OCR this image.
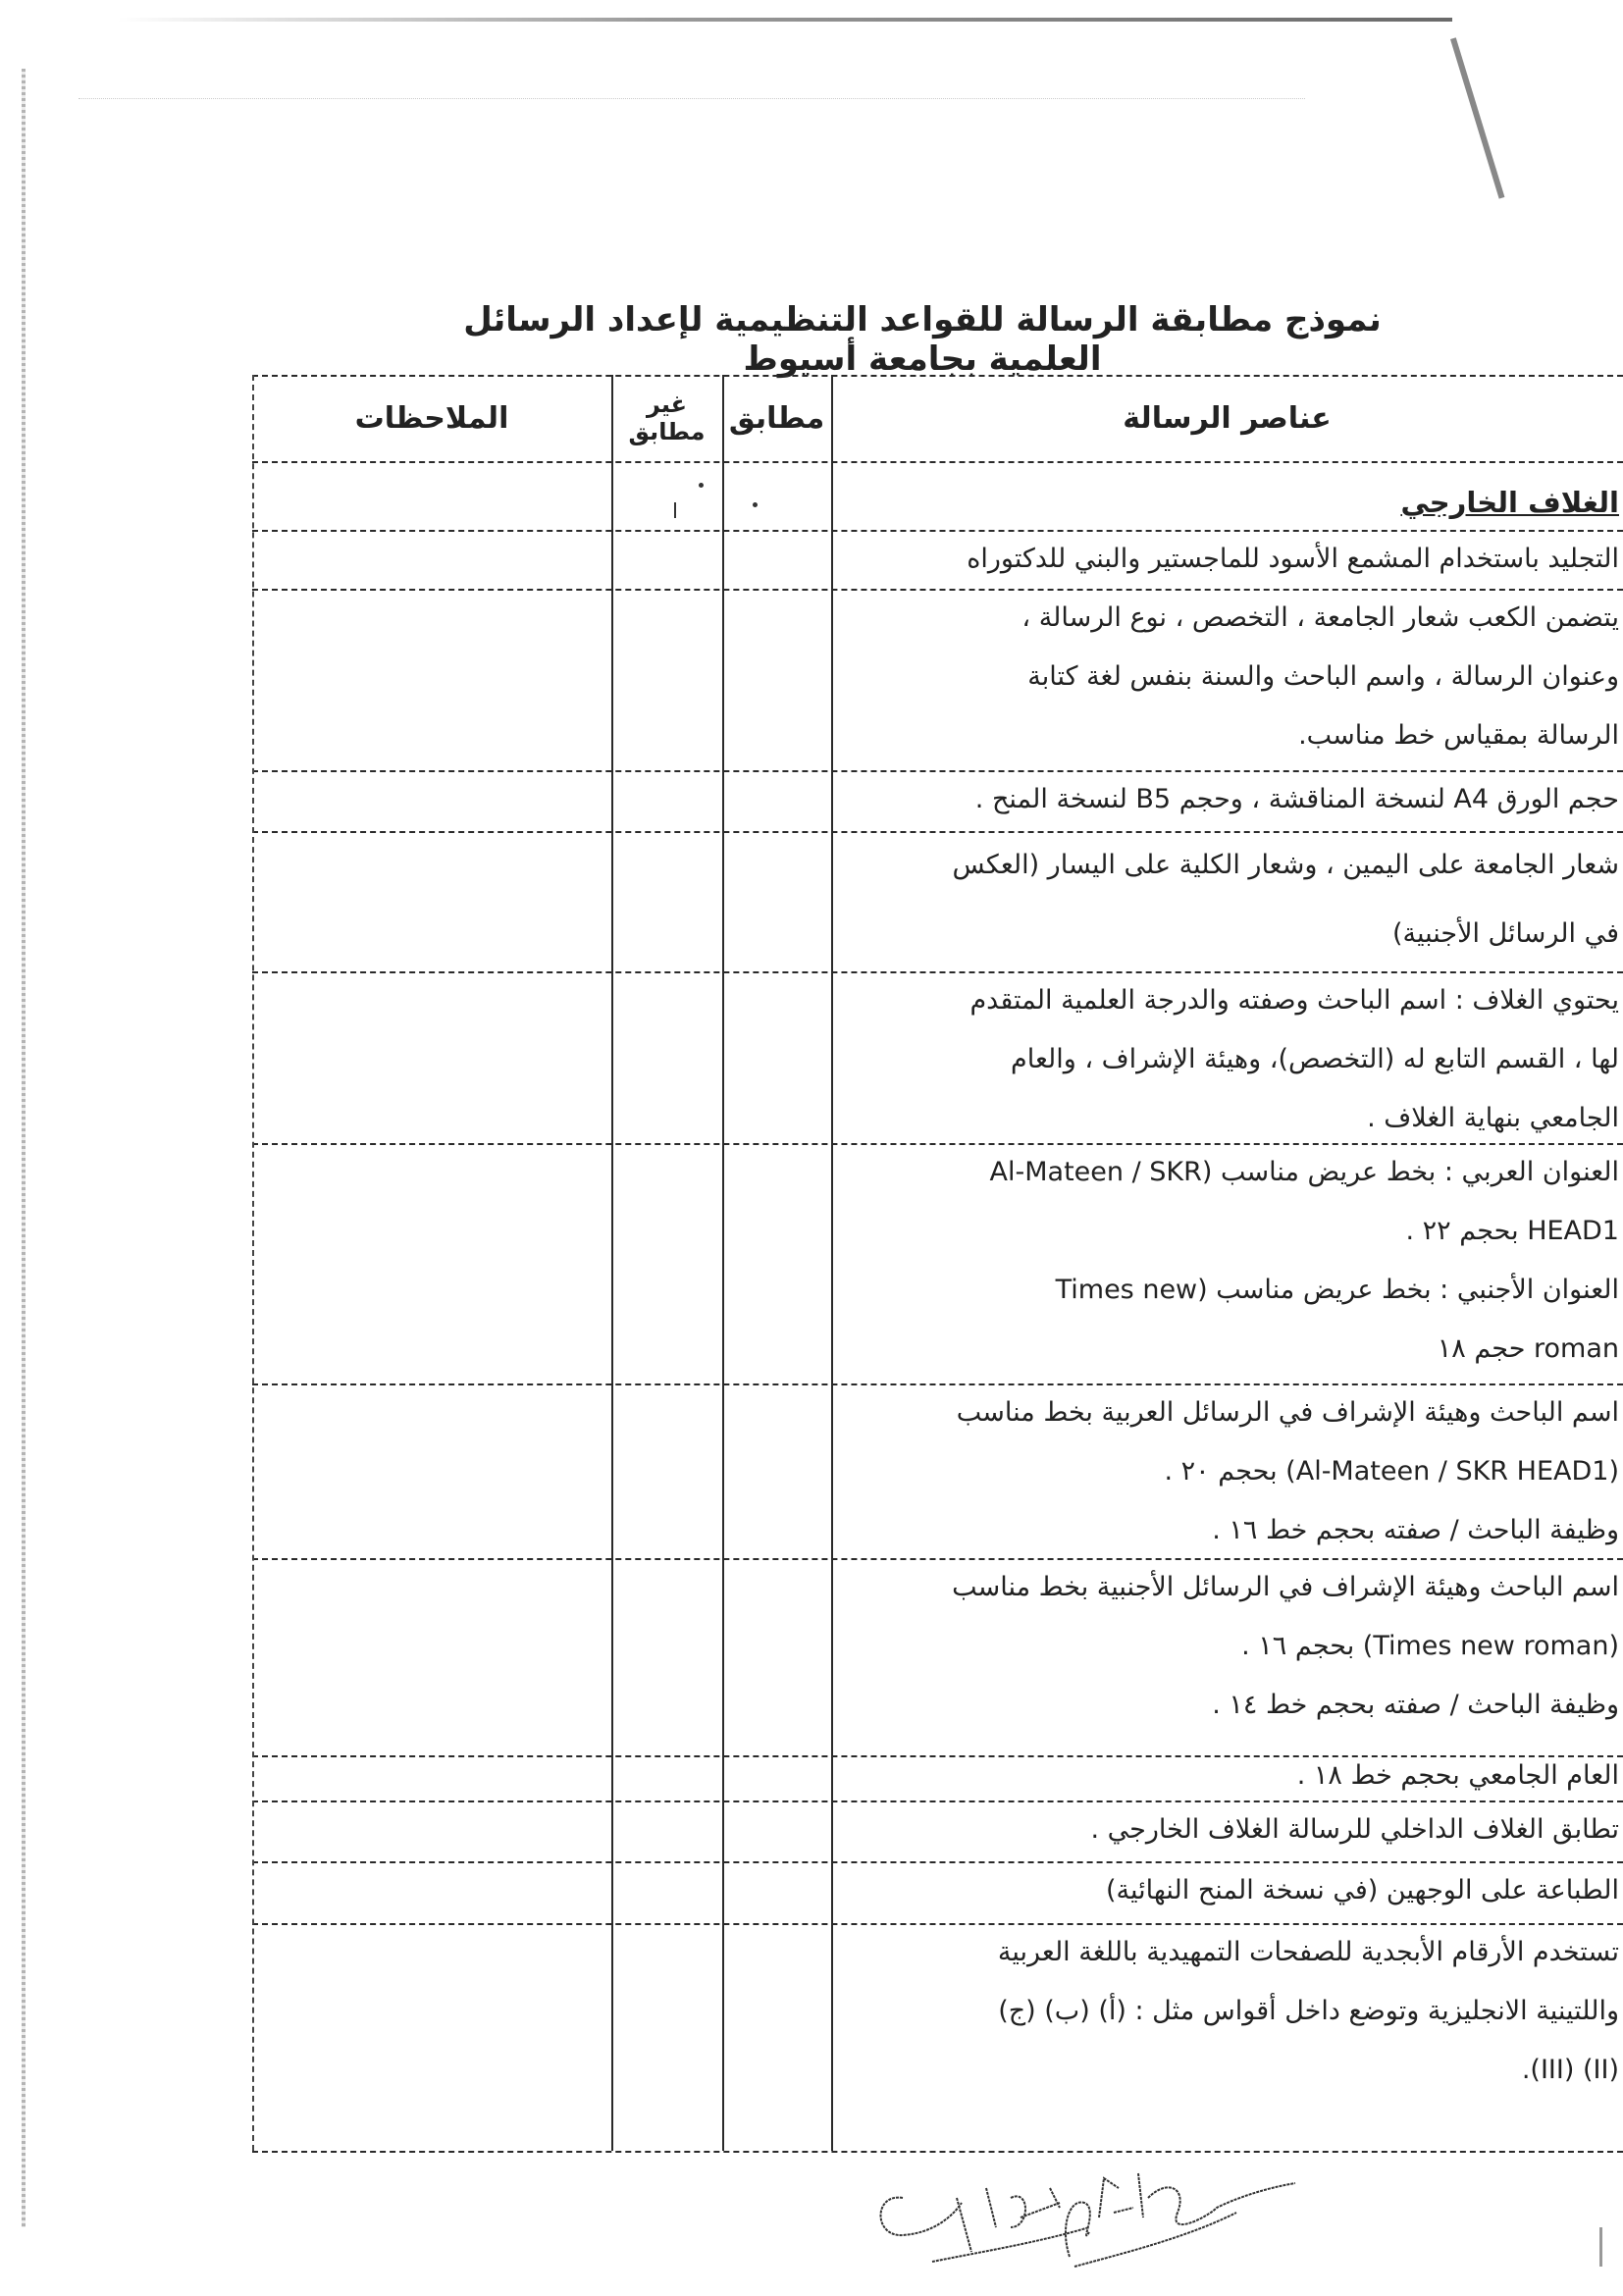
نموذج مطابقة الرسالة للقواعد التنظيمية لإعداد الرسائل العلمية بجامعة أسيوط
الملاحظات	غير
مطابق مطابق	عناصر الرسالة
الغلاف الخارجي
التجليد باستخدام المشمع الأسود للماجستير والبني للدكتوراه
يتضمن الكعب شعار الجامعة ، التخصص ، نوع الرسالة ،
وعنوان الرسالة ، واسم الباحث والسنة بنفس لغة كتابة
الرسالة بمقياس خط مناسب.
حجم الورق A4 لنسخة المناقشة ، وحجم B5 لنسخة المنح .
شعار الجامعة على اليمين ، وشعار الكلية على اليسار (العكس
في الرسائل الأجنبية)
يحتوي الغلاف : اسم الباحث وصفته والدرجة العلمية المتقدم
لها ، القسم التابع له (التخصص)، وهيئة الإشراف ، والعام
الجامعي بنهاية الغلاف .
العنوان العربي : بخط عريض مناسب (Al-Mateen / SKR
HEAD1 بحجم ٢٢ .
العنوان الأجنبي : بخط عريض مناسب (Times new
roman حجم ١٨
اسم الباحث وهيئة الإشراف في الرسائل العربية بخط مناسب
(Al-Mateen / SKR HEAD1) بحجم ٢٠ .
وظيفة الباحث / صفته بحجم خط ١٦ .
اسم الباحث وهيئة الإشراف في الرسائل الأجنبية بخط مناسب
(Times new roman) بحجم ١٦ .
وظيفة الباحث / صفته بحجم خط ١٤ .
العام الجامعي بحجم خط ١٨ .
تطابق الغلاف الداخلي للرسالة الغلاف الخارجي .
الطباعة على الوجهين (في نسخة المنح النهائية)
تستخدم الأرقام الأبجدية للصفحات التمهيدية باللغة العربية
واللتينية الانجليزية وتوضع داخل أقواس مثل : (أ) (ب) (ج)
(II) (III).
